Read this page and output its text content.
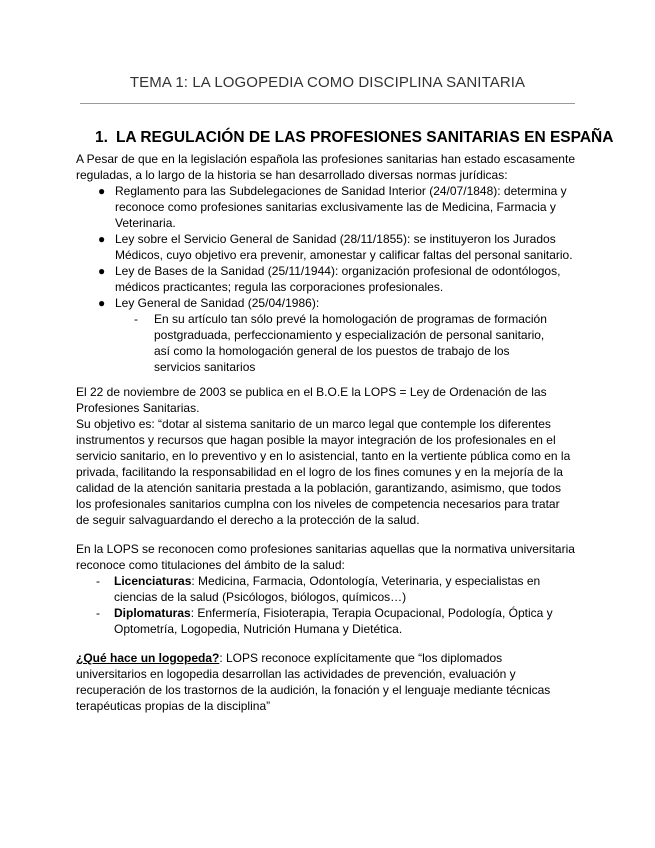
TEMA 1: LA LOGOPEDIA COMO DISCIPLINA SANITARIA
1. LA REGULACIÓN DE LAS PROFESIONES SANITARIAS EN ESPAÑA

A Pesar de que en la legislación española las profesiones sanitarias han estado escasamente reguladas, a lo largo de la historia se han desarrollado diversas normas jurídicas:

● Reglamento para las Subdelegaciones de Sanidad Interior (24/07/1848): determina y reconoce como profesiones sanitarias exclusivamente las de Medicina, Farmacia y Veterinaria.
● Ley sobre el Servicio General de Sanidad (28/11/1855): se instituyeron los Jurados Médicos, cuyo objetivo era prevenir, amonestar y calificar faltas del personal sanitario.
● Ley de Bases de la Sanidad (25/11/1944): organización profesional de odontólogos, médicos practicantes; regula las corporaciones profesionales.
● Ley General de Sanidad (25/04/1986):
- En su artículo tan sólo prevé la homologación de programas de formación postgraduada, perfeccionamiento y especialización de personal sanitario, así como la homologación general de los puestos de trabajo de los servicios sanitarios

El 22 de noviembre de 2003 se publica en el B.O.E la LOPS = Ley de Ordenación de las Profesiones Sanitarias.

Su objetivo es: “dotar al sistema sanitario de un marco legal que contemple los diferentes instrumentos y recursos que hagan posible la mayor integración de los profesionales en el servicio sanitario, en lo preventivo y en lo asistencial, tanto en la vertiente pública como en la privada, facilitando la responsabilidad en el logro de los fines comunes y en la mejoría de la calidad de la atención sanitaria prestada a la población, garantizando, asimismo, que todos los profesionales sanitarios cumplna con los niveles de competencia necesarios para tratar de seguir salvaguardando el derecho a la protección de la salud.

En la LOPS se reconocen como profesiones sanitarias aquellas que la normativa universitaria reconoce como titulaciones del ámbito de la salud:

- Licenciaturas: Medicina, Farmacia, Odontología, Veterinaria, y especialistas en ciencias de la salud (Psicólogos, biólogos, químicos…)
- Diplomaturas: Enfermería, Fisioterapia, Terapia Ocupacional, Podología, Óptica y Optometría, Logopedia, Nutrición Humana y Dietética.

¿Qué hace un logopeda?: LOPS reconoce explícitamente que “los diplomados universitarios en logopedia desarrollan las actividades de prevención, evaluación y recuperación de los trastornos de la audición, la fonación y el lenguaje mediante técnicas terapéuticas propias de la disciplina”
